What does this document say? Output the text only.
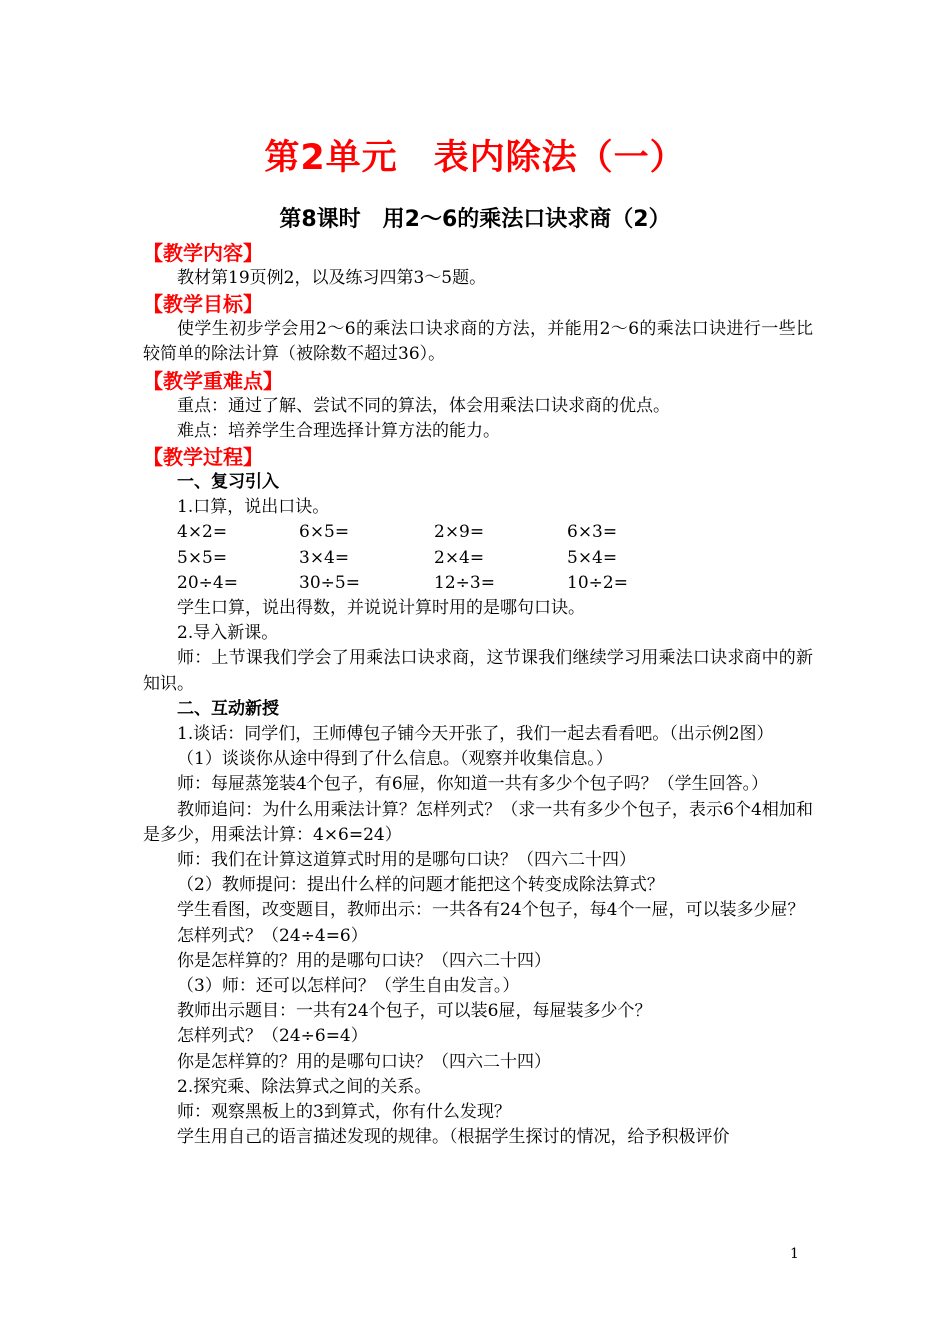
第2单元　表内除法（一）
第8课时　用2～6的乘法口诀求商（2）
【教学内容】
教材第19页例2，以及练习四第3～5题。
【教学目标】
使学生初步学会用2～6的乘法口诀求商的方法，并能用2～6的乘法口诀进行一些比较简单的除法计算（被除数不超过36）。
【教学重难点】
重点：通过了解、尝试不同的算法，体会用乘法口诀求商的优点。
难点：培养学生合理选择计算方法的能力。
【教学过程】
一、复习引入
1.口算，说出口诀。
4×2=	6×5=	2×9=	6×3=
5×5=	3×4=	2×4=	5×4=
20÷4=	30÷5=	12÷3=	10÷2=
学生口算，说出得数，并说说计算时用的是哪句口诀。
2.导入新课。
师：上节课我们学会了用乘法口诀求商，这节课我们继续学习用乘法口诀求商中的新知识。
二、互动新授
1.谈话：同学们，王师傅包子铺今天开张了，我们一起去看看吧。（出示例2图）
（1）谈谈你从途中得到了什么信息。（观察并收集信息。）
师：每屉蒸笼装4个包子，有6屉，你知道一共有多少个包子吗？（学生回答。）
教师追问：为什么用乘法计算？怎样列式？（求一共有多少个包子，表示6个4相加和是多少，用乘法计算：4×6=24）
师：我们在计算这道算式时用的是哪句口诀？（四六二十四）
（2）教师提问：提出什么样的问题才能把这个转变成除法算式？
学生看图，改变题目，教师出示：一共各有24个包子，每4个一屉，可以装多少屉？
怎样列式？（24÷4=6）
你是怎样算的？用的是哪句口诀？（四六二十四）
（3）师：还可以怎样问？（学生自由发言。）
教师出示题目：一共有24个包子，可以装6屉，每屉装多少个？
怎样列式？（24÷6=4）
你是怎样算的？用的是哪句口诀？（四六二十四）
2.探究乘、除法算式之间的关系。
师：观察黑板上的3到算式，你有什么发现？
学生用自己的语言描述发现的规律。（根据学生探讨的情况，给予积极评价
1
